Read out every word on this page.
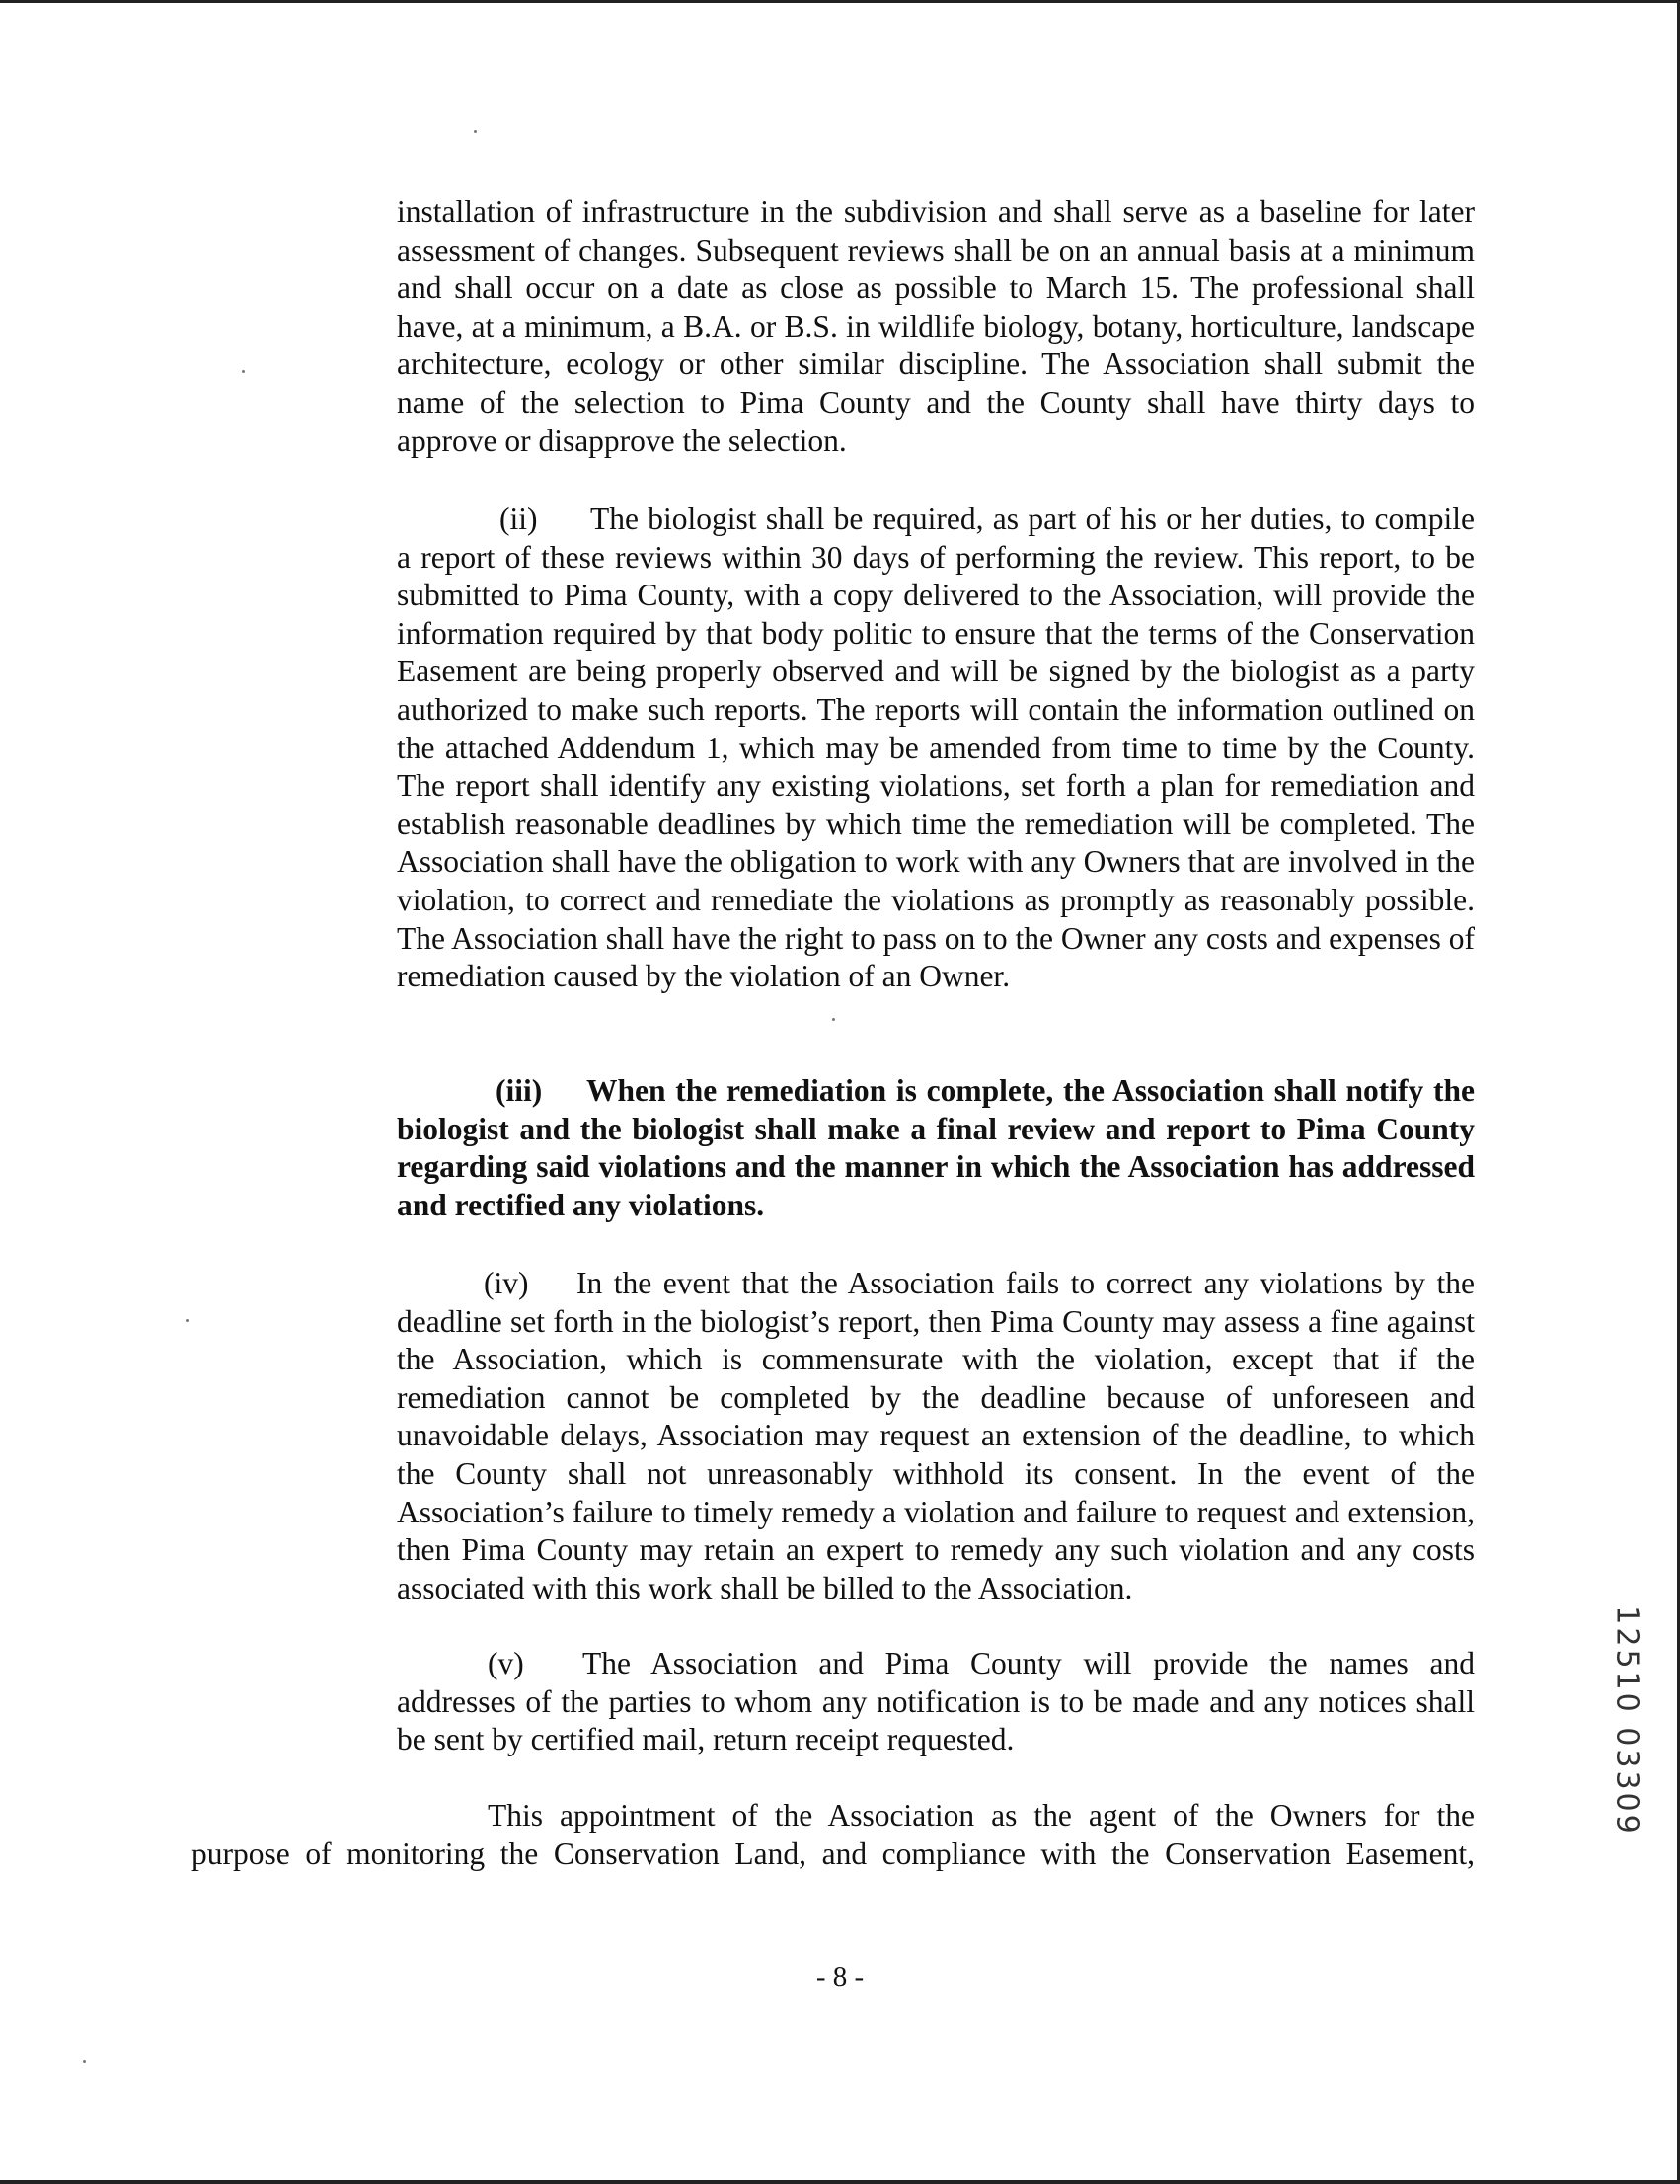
installation of infrastructure in the subdivision and shall serve as a baseline for later assessment of changes. Subsequent reviews shall be on an annual basis at a minimum and shall occur on a date as close as possible to March 15. The professional shall have, at a minimum, a B.A. or B.S. in wildlife biology, botany, horticulture, landscape architecture, ecology or other similar discipline. The Association shall submit the name of the selection to Pima County and the County shall have thirty days to approve or disapprove the selection.

(ii) The biologist shall be required, as part of his or her duties, to compile a report of these reviews within 30 days of performing the review. This report, to be submitted to Pima County, with a copy delivered to the Association, will provide the information required by that body politic to ensure that the terms of the Conservation Easement are being properly observed and will be signed by the biologist as a party authorized to make such reports. The reports will contain the information outlined on the attached Addendum 1, which may be amended from time to time by the County. The report shall identify any existing violations, set forth a plan for remediation and establish reasonable deadlines by which time the remediation will be completed. The Association shall have the obligation to work with any Owners that are involved in the violation, to correct and remediate the violations as promptly as reasonably possible. The Association shall have the right to pass on to the Owner any costs and expenses of remediation caused by the violation of an Owner.

(iii) When the remediation is complete, the Association shall notify the biologist and the biologist shall make a final review and report to Pima County regarding said violations and the manner in which the Association has addressed and rectified any violations.

(iv) In the event that the Association fails to correct any violations by the deadline set forth in the biologist’s report, then Pima County may assess a fine against the Association, which is commensurate with the violation, except that if the remediation cannot be completed by the deadline because of unforeseen and unavoidable delays, Association may request an extension of the deadline, to which the County shall not unreasonably withhold its consent. In the event of the Association’s failure to timely remedy a violation and failure to request and extension, then Pima County may retain an expert to remedy any such violation and any costs associated with this work shall be billed to the Association.

(v) The Association and Pima County will provide the names and addresses of the parties to whom any notification is to be made and any notices shall be sent by certified mail, return receipt requested.

This appointment of the Association as the agent of the Owners for the
purpose of monitoring the Conservation Land, and compliance with the Conservation Easement,

- 8 -
12510 03309
